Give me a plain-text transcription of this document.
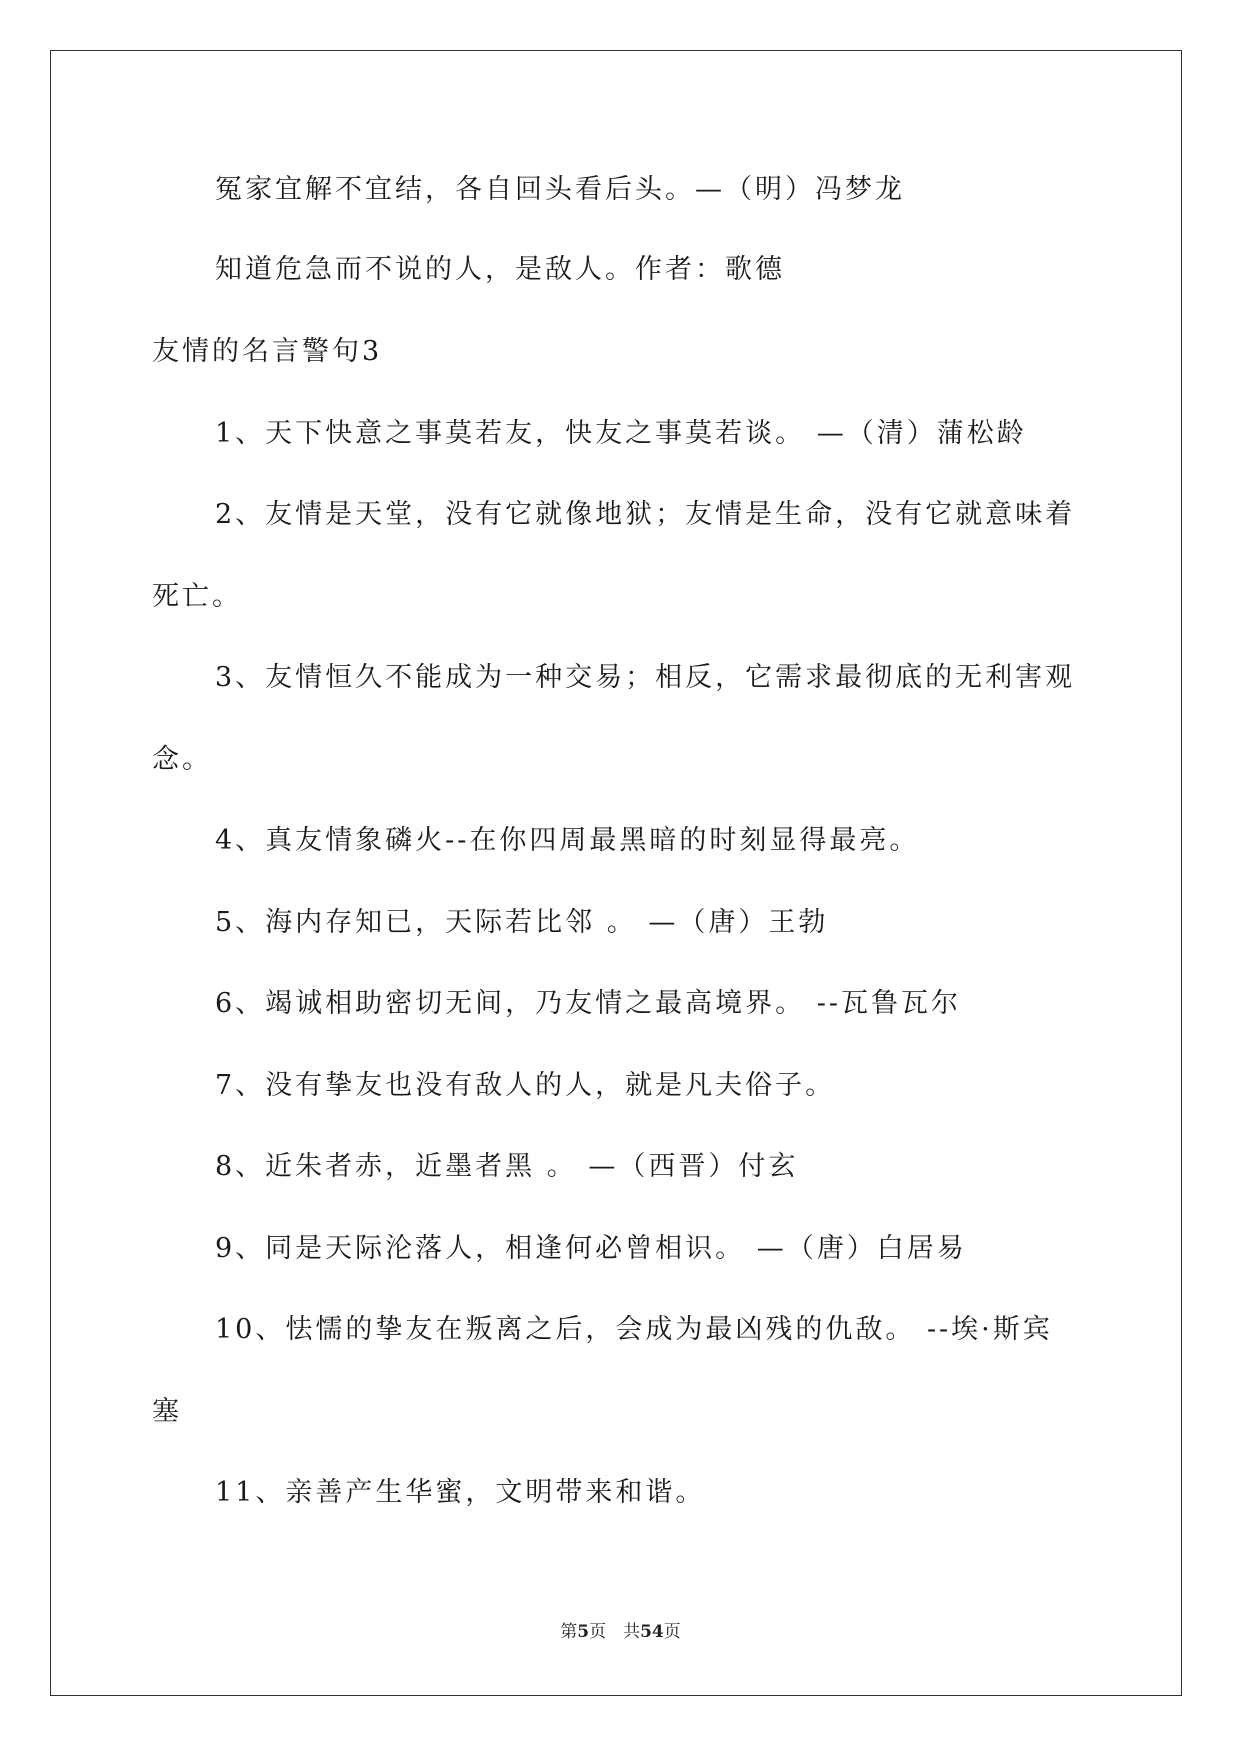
冤家宜解不宜结，各自回头看后头。—（明）冯梦龙
知道危急而不说的人，是敌人。作者：歌德
友情的名言警句3
1、天下快意之事莫若友，快友之事莫若谈。 —（清）蒲松龄
2、友情是天堂，没有它就像地狱；友情是生命，没有它就意味着
死亡。
3、友情恒久不能成为一种交易；相反，它需求最彻底的无利害观
念。
4、真友情象磷火--在你四周最黑暗的时刻显得最亮。
5、海内存知已，天际若比邻 。 —（唐）王勃
6、竭诚相助密切无间，乃友情之最高境界。 --瓦鲁瓦尔
7、没有挚友也没有敌人的人，就是凡夫俗子。
8、近朱者赤，近墨者黑 。 —（西晋）付玄
9、同是天际沦落人，相逢何必曾相识。 —（唐）白居易
10、怯懦的挚友在叛离之后，会成为最凶残的仇敌。 --埃·斯宾
塞
11、亲善产生华蜜，文明带来和谐。
第5页　共54页
